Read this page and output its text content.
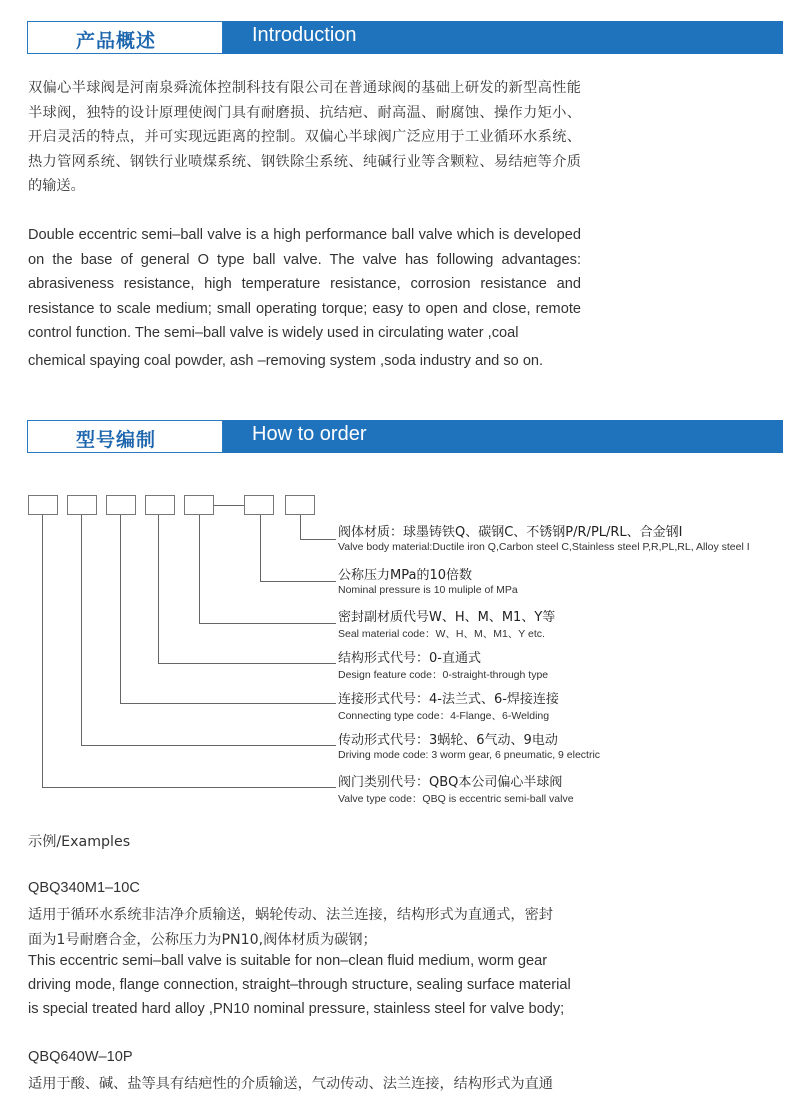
产品概述	Introduction

双偏心半球阀是河南泉舜流体控制科技有限公司在普通球阀的基础上研发的新型高性能半球阀，独特的设计原理使阀门具有耐磨损、抗结疤、耐高温、耐腐蚀、操作力矩小、开启灵活的特点，并可实现远距离的控制。双偏心半球阀广泛应用于工业循环水系统、热力管网系统、钢铁行业喷煤系统、钢铁除尘系统、纯碱行业等含颗粒、易结疤等介质的输送。

Double eccentric semi–ball valve is a high performance ball valve which is developed on the base of general O type ball valve. The valve has following advantages: abrasiveness resistance, high temperature resistance, corrosion resistance and resistance to scale medium; small operating torque; easy to open and close, remote control function. The semi–ball valve is widely used in circulating water ,coal

chemical spaying coal powder, ash –removing system ,soda industry and so on.

型号编制	How to order
阀体材质：球墨铸铁Q、碳钢C、不锈钢P/R/PL/RL、合金钢I
Valve body material:Ductile iron Q,Carbon steel C,Stainless steel P,R,PL,RL, Alloy steel I
公称压力MPa的10倍数
Nominal pressure is 10 muliple of MPa
密封副材质代号W、H、M、M1、Y等
Seal material code：W、H、M、M1、Y etc.
结构形式代号：0-直通式
Design feature code：0-straight-through type
连接形式代号：4-法兰式、6-焊接连接
Connecting type code：4-Flange、6-Welding
传动形式代号：3蜗轮、6气动、9电动
Driving mode code: 3 worm gear, 6 pneumatic, 9 electric
阀门类别代号：QBQ本公司偏心半球阀
Valve type code：QBQ is eccentric semi-ball valve

示例/Examples

QBQ340M1–10C

适用于循环水系统非洁净介质输送，蜗轮传动、法兰连接，结构形式为直通式，密封

面为1号耐磨合金，公称压力为PN10,阀体材质为碳钢；

This eccentric semi–ball valve is suitable for non–clean fluid medium, worm gear

driving mode, flange connection, straight–through structure, sealing surface material

is special treated hard alloy ,PN10 nominal pressure, stainless steel for valve body;

QBQ640W–10P

适用于酸、碱、盐等具有结疤性的介质输送，气动传动、法兰连接，结构形式为直通
